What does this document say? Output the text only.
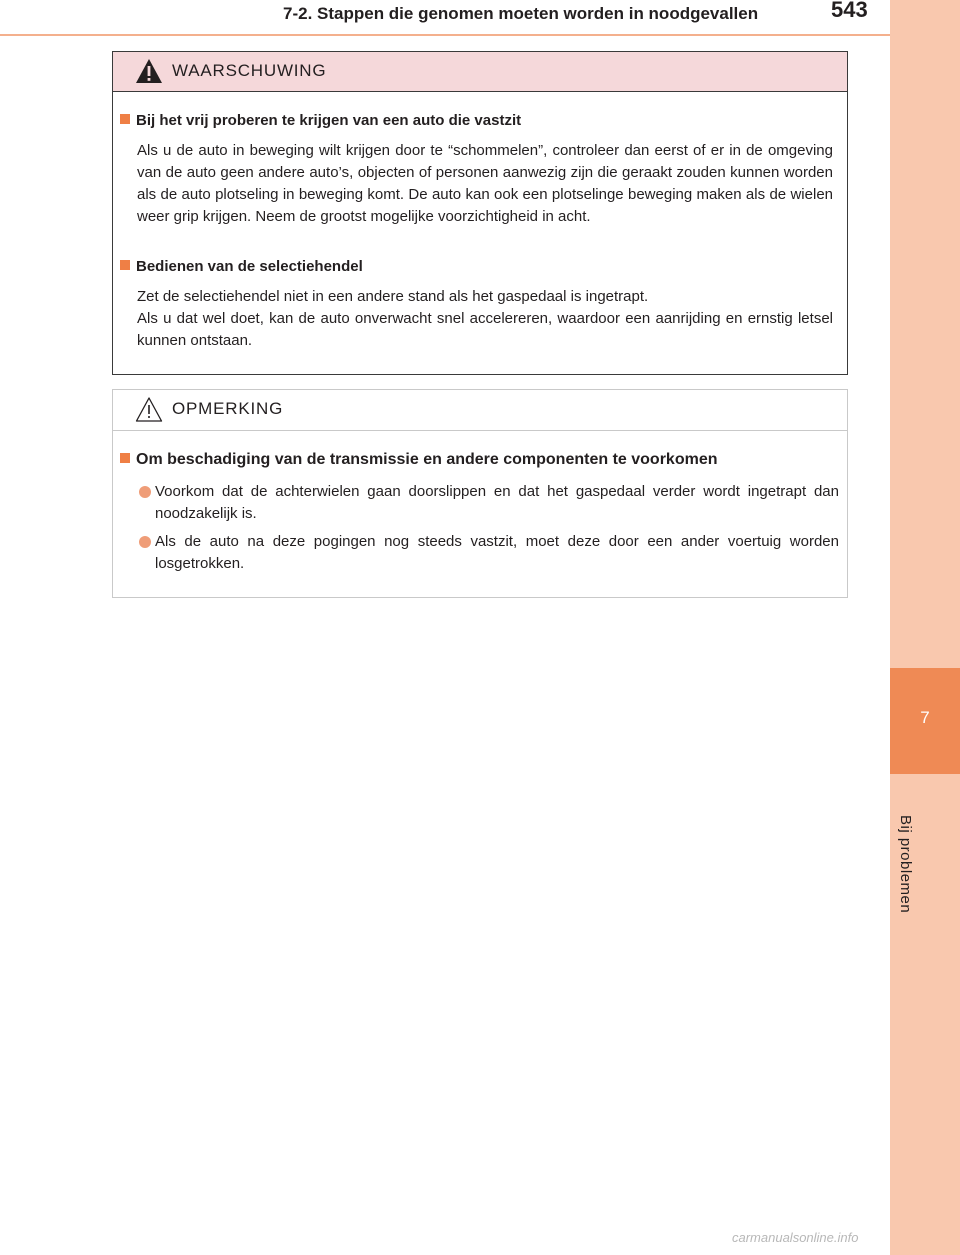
7-2. Stappen die genomen moeten worden in noodgevallen	543
7
Bij problemen
WAARSCHUWING
Bij het vrij proberen te krijgen van een auto die vastzit
Als u de auto in beweging wilt krijgen door te “schommelen”, controleer dan eerst of er in de omgeving van de auto geen andere auto’s, objecten of personen aanwezig zijn die geraakt zouden kunnen worden als de auto plotseling in beweging komt. De auto kan ook een plotselinge beweging maken als de wielen weer grip krijgen. Neem de grootst mogelijke voorzichtigheid in acht.
Bedienen van de selectiehendel
Zet de selectiehendel niet in een andere stand als het gaspedaal is ingetrapt.
Als u dat wel doet, kan de auto onverwacht snel accelereren, waardoor een aanrijding en ernstig letsel kunnen ontstaan.
OPMERKING
Om beschadiging van de transmissie en andere componenten te voorkomen
Voorkom dat de achterwielen gaan doorslippen en dat het gaspedaal verder wordt ingetrapt dan noodzakelijk is.
Als de auto na deze pogingen nog steeds vastzit, moet deze door een ander voertuig worden losgetrokken.
carmanualsonline.info
